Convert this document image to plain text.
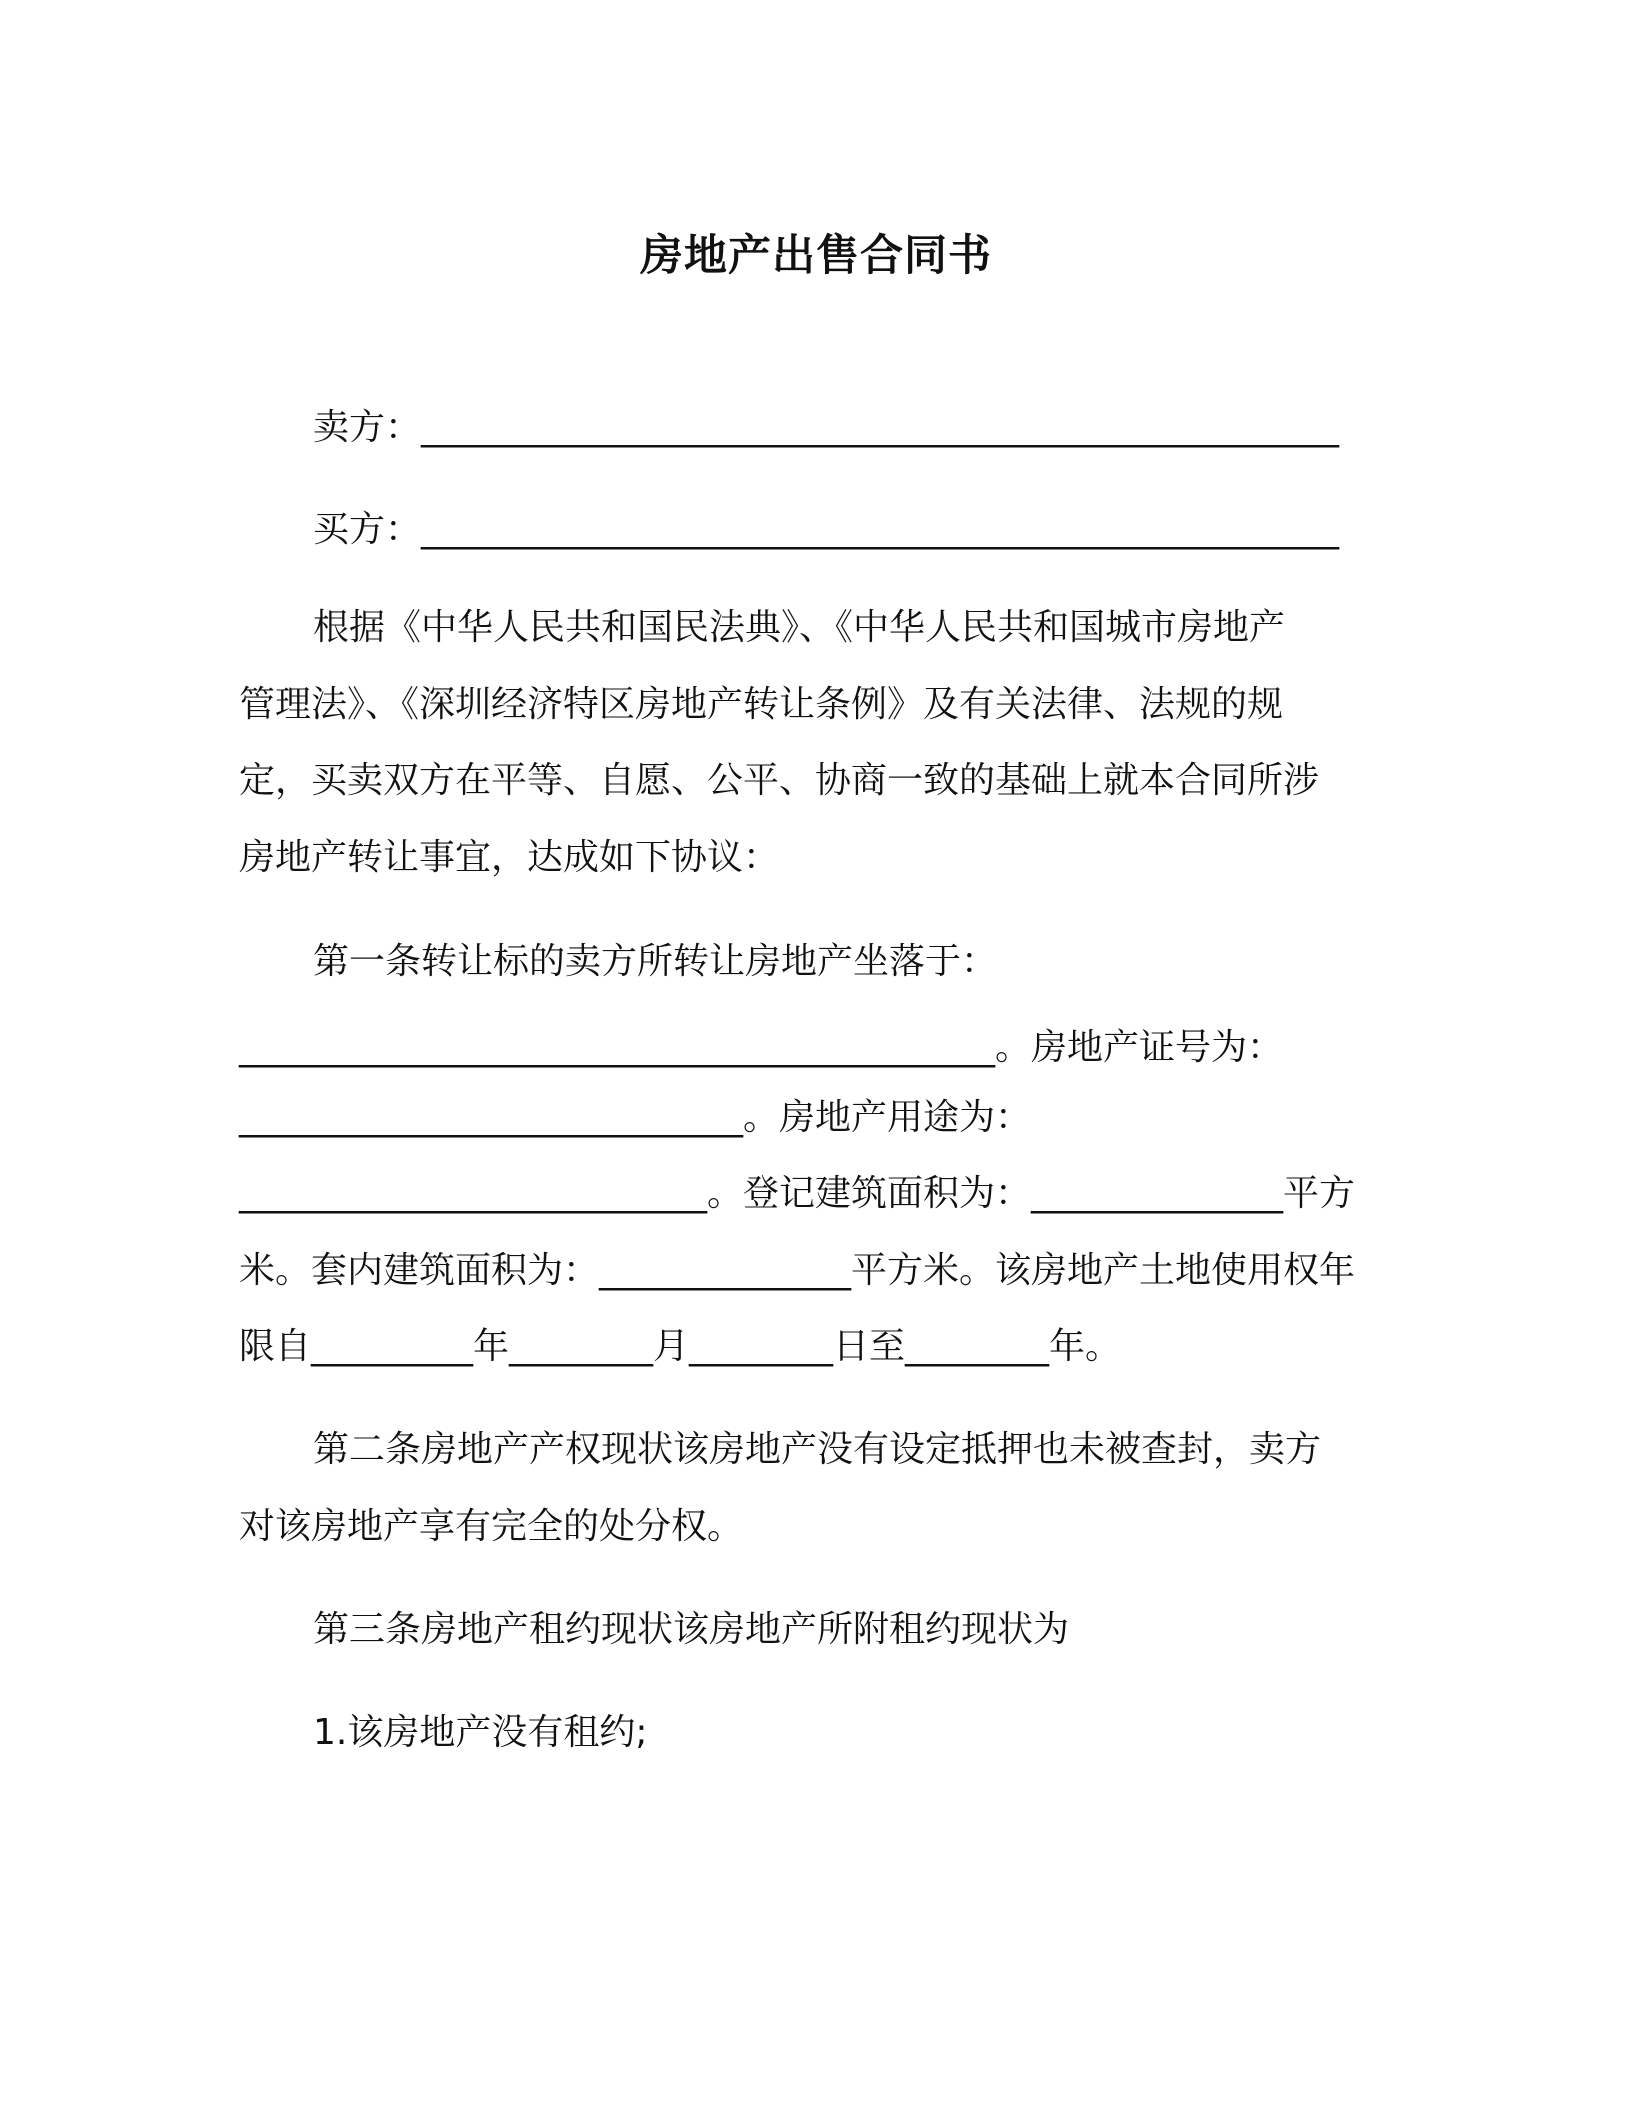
房地产出售合同书
卖方：___________________________________________________
买方：___________________________________________________
根据《中华人民共和国民法典》、《中华人民共和国城市房地产
管理法》、《深圳经济特区房地产转让条例》及有关法律、法规的规
定，买卖双方在平等、自愿、公平、协商一致的基础上就本合同所涉
房地产转让事宜，达成如下协议：
第一条转让标的卖方所转让房地产坐落于：
__________________________________________。房地产证号为：
____________________________。房地产用途为：
__________________________。登记建筑面积为：______________平方
米。套内建筑面积为：______________平方米。该房地产土地使用权年
限自_________年________月________日至________年。
第二条房地产产权现状该房地产没有设定抵押也未被查封，卖方
对该房地产享有完全的处分权。
第三条房地产租约现状该房地产所附租约现状为
1.该房地产没有租约;
